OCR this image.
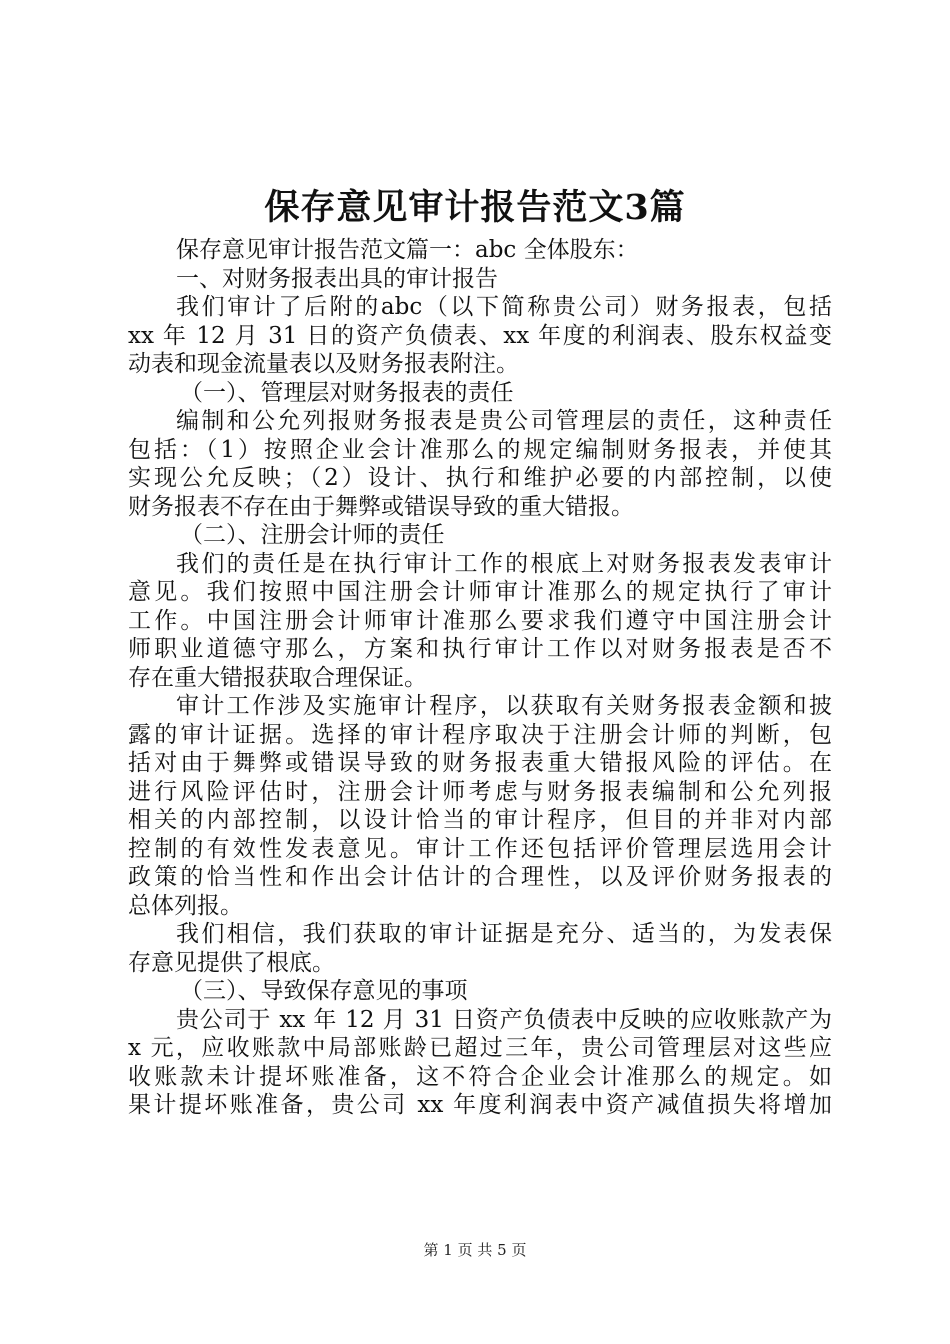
保存意见审计报告范文3篇
保存意见审计报告范文篇一：abc 全体股东：
一、对财务报表出具的审计报告
我们审计了后附的abc（以下简称贵公司）财务报表，包括
xx 年 12 月 31 日的资产负债表、xx 年度的利润表、股东权益变
动表和现金流量表以及财务报表附注。
（一）、管理层对财务报表的责任
编制和公允列报财务报表是贵公司管理层的责任，这种责任
包括：（1）按照企业会计准那么的规定编制财务报表，并使其
实现公允反映；（2）设计、执行和维护必要的内部控制，以使
财务报表不存在由于舞弊或错误导致的重大错报。
（二）、注册会计师的责任
我们的责任是在执行审计工作的根底上对财务报表发表审计
意见。我们按照中国注册会计师审计准那么的规定执行了审计
工作。中国注册会计师审计准那么要求我们遵守中国注册会计
师职业道德守那么，方案和执行审计工作以对财务报表是否不
存在重大错报获取合理保证。
审计工作涉及实施审计程序，以获取有关财务报表金额和披
露的审计证据。选择的审计程序取决于注册会计师的判断，包
括对由于舞弊或错误导致的财务报表重大错报风险的评估。在
进行风险评估时，注册会计师考虑与财务报表编制和公允列报
相关的内部控制，以设计恰当的审计程序，但目的并非对内部
控制的有效性发表意见。审计工作还包括评价管理层选用会计
政策的恰当性和作出会计估计的合理性，以及评价财务报表的
总体列报。
我们相信，我们获取的审计证据是充分、适当的，为发表保
存意见提供了根底。
（三）、导致保存意见的事项
贵公司于 xx 年 12 月 31 日资产负债表中反映的应收账款产为
x 元，应收账款中局部账龄已超过三年，贵公司管理层对这些应
收账款未计提坏账准备，这不符合企业会计准那么的规定。如
果计提坏账准备，贵公司 xx 年度利润表中资产减值损失将增加
第 1 页 共 5 页
